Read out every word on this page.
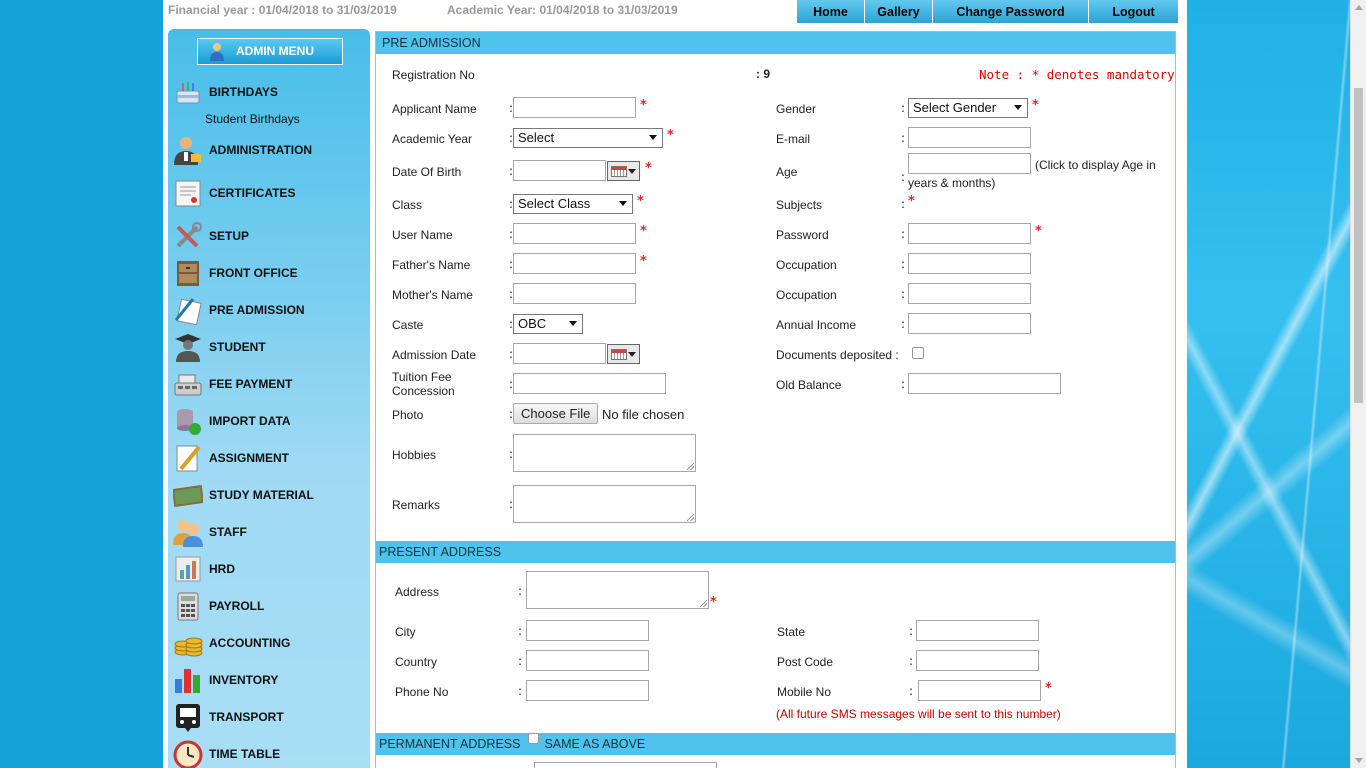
Financial year : 01/04/2018 to 31/03/2019	Academic Year: 01/04/2018 to 31/03/2019	Home	Gallery	Change Password	Logout
ADMIN MENU
BIRTHDAYS
Student Birthdays
ADMINISTRATION
CERTIFICATES
SETUP
FRONT OFFICE
PRE ADMISSION
STUDENT
FEE PAYMENT
IMPORT DATA
ASSIGNMENT
STUDY MATERIAL
STAFF
HRD
PAYROLL
ACCOUNTING
INVENTORY
TRANSPORT
TIME TABLE
PRE ADMISSION
Registration No	: 9	Note : * denotes mandatory
Applicant Name	:	*	Gender	: Select Gender	*
Academic Year	: Select	*	E-mail	:
Date Of Birth	:	*	Age	:
(Click to display Age in
years & months)
Class	: Select Class	*	Subjects	: *
User Name	:	*	Password	:	*
Father's Name	:	*	Occupation	:
Mother's Name	:	Occupation	:
Caste	: OBC	Annual Income	:
Admission Date	:	Documents deposited :
Tuition Fee
Concession	:	Old Balance	:
Photo	: Choose File No file chosen
Hobbies	:
Remarks	:
PRESENT ADDRESS
Address	:
*
City	:	State	:
Country	:	Post Code	:
Phone No	:	Mobile No	:	*
(All future SMS messages will be sent to this number)
PERMANENT ADDRESS SAME AS ABOVE
